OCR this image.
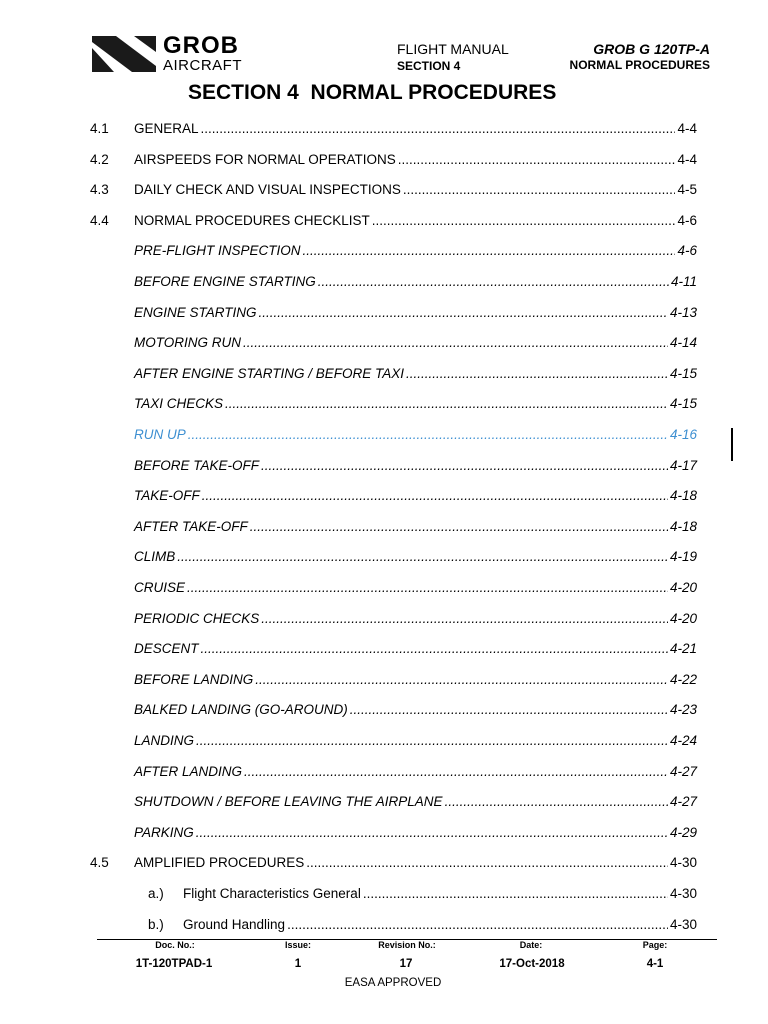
GROB
AIRCRAFT
FLIGHT MANUAL
SECTION 4
GROB G 120TP-A
NORMAL PROCEDURES
SECTION 4  NORMAL PROCEDURES
4.1 GENERAL .....	4-4
4.2 AIRSPEEDS FOR NORMAL OPERATIONS .....	4-4
4.3 DAILY CHECK AND VISUAL INSPECTIONS .....	4-5
4.4 NORMAL PROCEDURES CHECKLIST .....	4-6
PRE-FLIGHT INSPECTION .....	4-6
BEFORE ENGINE STARTING .....	4-11
ENGINE STARTING .....	4-13
MOTORING RUN .....	4-14
AFTER ENGINE STARTING / BEFORE TAXI .....	4-15
TAXI CHECKS .....	4-15
RUN UP .....	4-16
BEFORE TAKE-OFF .....	4-17
TAKE-OFF .....	4-18
AFTER TAKE-OFF .....	4-18
CLIMB .....	4-19
CRUISE .....	4-20
PERIODIC CHECKS .....	4-20
DESCENT .....	4-21
BEFORE LANDING .....	4-22
BALKED LANDING (GO-AROUND) .....	4-23
LANDING .....	4-24
AFTER LANDING .....	4-27
SHUTDOWN / BEFORE LEAVING THE AIRPLANE .....	4-27
PARKING .....	4-29
4.5 AMPLIFIED PROCEDURES .....	4-30
a.) Flight Characteristics General .....	4-30
b.) Ground Handling .....	4-30
Doc. No.:	Issue:	Revision No.:	Date:	Page:
1T-120TPAD-1	1	17	17-Oct-2018	4-1
EASA APPROVED
